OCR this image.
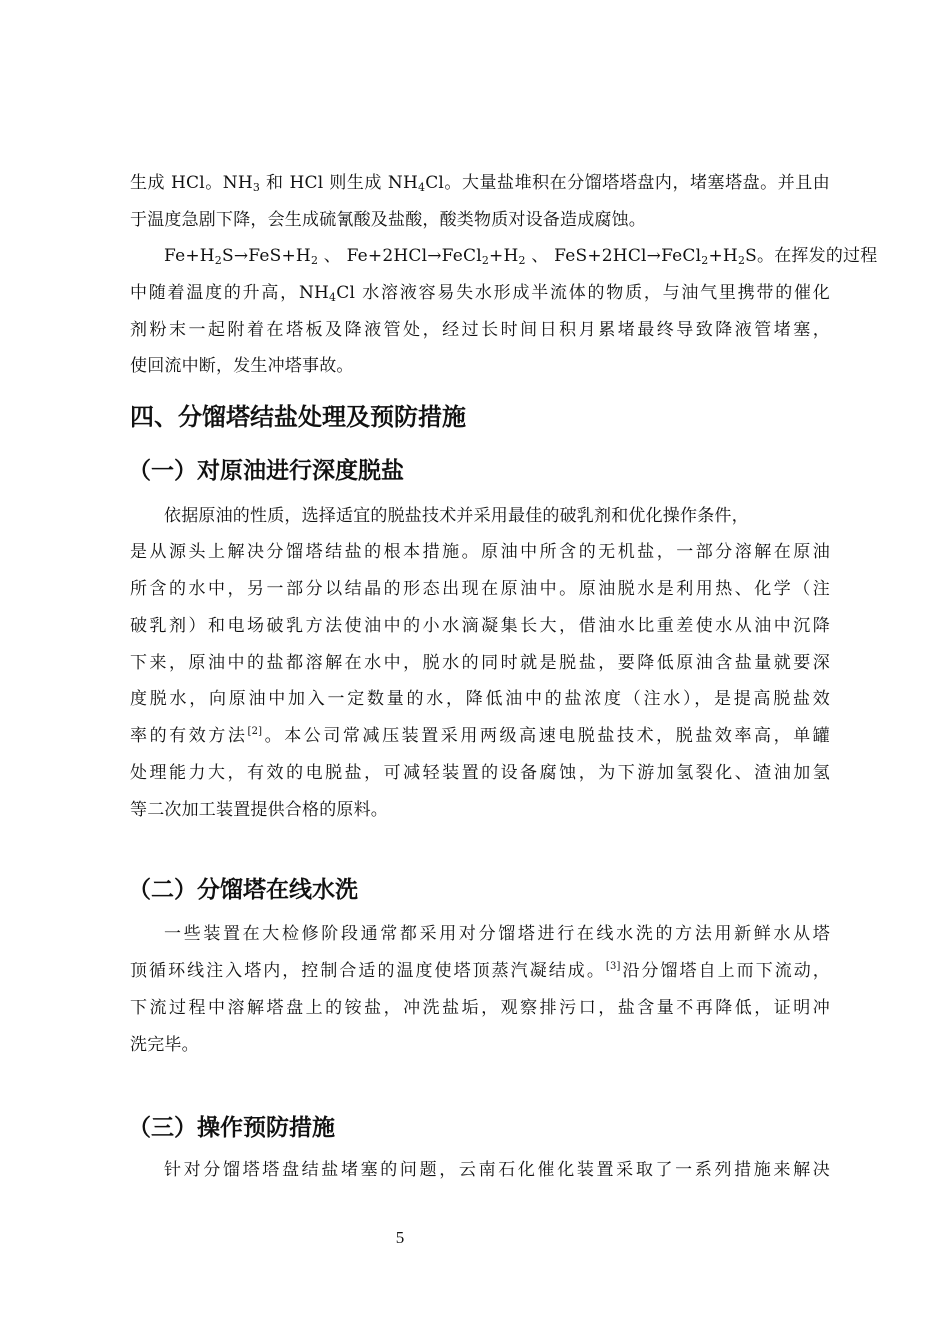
生成 HCl。$NH_3$ 和 HCl 则生成 $NH_4Cl$。大量盐堆积在分馏塔塔盘内，堵塞塔盘。并且由
于温度急剧下降，会生成硫氰酸及盐酸，酸类物质对设备造成腐蚀。
$Fe+H_2S\to FeS+H_2$ 、 $Fe+2HCl\to FeCl_2+H_2$ 、 $FeS+2HCl\to FeCl_2+H_2S$。在挥发的过程
中随着温度的升高，$NH_4Cl$ 水溶液容易失水形成半流体的物质，与油气里携带的催化
剂粉末一起附着在塔板及降液管处，经过长时间日积月累堵最终导致降液管堵塞，
使回流中断，发生冲塔事故。
四、分馏塔结盐处理及预防措施
（一）对原油进行深度脱盐
依据原油的性质，选择适宜的脱盐技术并采用最佳的破乳剂和优化操作条件，
是从源头上解决分馏塔结盐的根本措施。原油中所含的无机盐，一部分溶解在原油
所含的水中，另一部分以结晶的形态出现在原油中。原油脱水是利用热、化学（注
破乳剂）和电场破乳方法使油中的小水滴凝集长大，借油水比重差使水从油中沉降
下来，原油中的盐都溶解在水中，脱水的同时就是脱盐，要降低原油含盐量就要深
度脱水，向原油中加入一定数量的水，降低油中的盐浓度（注水），是提高脱盐效
率的有效方法[2]。本公司常减压装置采用两级高速电脱盐技术，脱盐效率高，单罐
处理能力大，有效的电脱盐，可减轻装置的设备腐蚀，为下游加氢裂化、渣油加氢
等二次加工装置提供合格的原料。
（二）分馏塔在线水洗
一些装置在大检修阶段通常都采用对分馏塔进行在线水洗的方法用新鲜水从塔
顶循环线注入塔内，控制合适的温度使塔顶蒸汽凝结成。[3]沿分馏塔自上而下流动，
下流过程中溶解塔盘上的铵盐，冲洗盐垢，观察排污口，盐含量不再降低，证明冲
洗完毕。
（三）操作预防措施
针对分馏塔塔盘结盐堵塞的问题，云南石化催化装置采取了一系列措施来解决
5
